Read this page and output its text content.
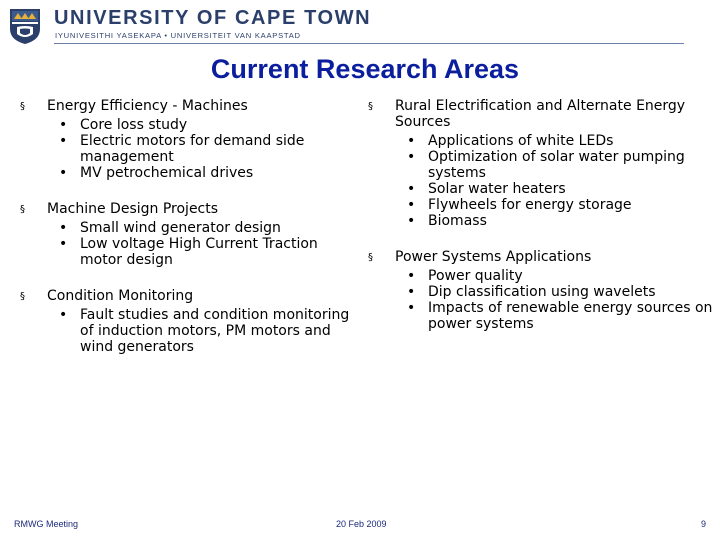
UNIVERSITY OF CAPE TOWN
IYUNIVESITHI YASEKAPA • UNIVERSITEIT VAN KAAPSTAD
Current Research Areas
§ Energy Efficiency - Machines
• Core loss study
• Electric motors for demand side management
• MV petrochemical drives
§ Machine Design Projects
• Small wind generator design
• Low voltage High Current Traction motor design
§ Condition Monitoring
• Fault studies and condition monitoring of induction motors, PM motors and wind generators
§ Rural Electrification and Alternate Energy Sources
• Applications of white LEDs
• Optimization of solar water pumping systems
• Solar water heaters
• Flywheels for energy storage
• Biomass
§ Power Systems Applications
• Power quality
• Dip classification using wavelets
• Impacts of renewable energy sources on power systems
RMWG Meeting	20 Feb 2009	9
